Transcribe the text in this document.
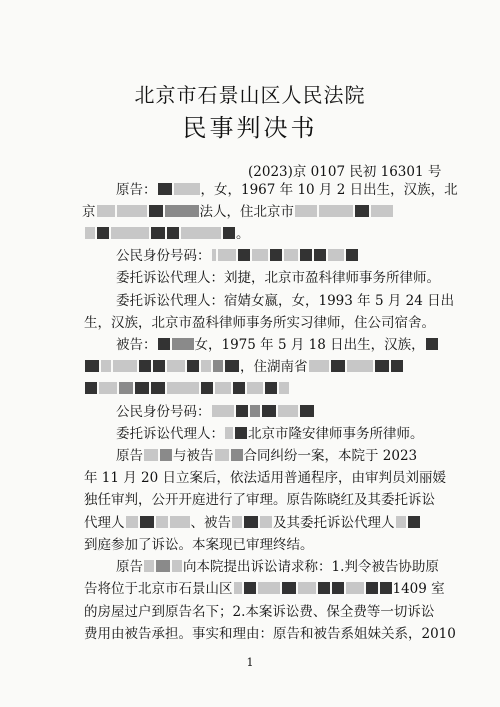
北京市石景山区人民法院
民事判决书
(2023)京 0107 民初 16301 号
原告：	，女，1967 年 10 月 2 日出生，汉族，北
京	法人，住北京市
。
公民身份号码：
委托诉讼代理人：刘捷，北京市盈科律师事务所律师。
委托诉讼代理人：宿婧女嬴，女，1993 年 5 月 24 日出
生，汉族，北京市盈科律师事务所实习律师，住公司宿舍。
被告：	女，1975 年 5 月 18 日出生，汉族，
，住湖南省
公民身份号码：
委托诉讼代理人： 北京市隆安律师事务所律师。
原告 与被告 合同纠纷一案，本院于 2023
年 11 月 20 日立案后，依法适用普通程序，由审判员刘丽媛
独任审判，公开开庭进行了审理。原告陈晓红及其委托诉讼
代理人	、被告	及其委托诉讼代理人
到庭参加了诉讼。本案现已审理终结。
原告	向本院提出诉讼请求称：1.判令被告协助原
告将位于北京市石景山区	1409 室
的房屋过户到原告名下；2.本案诉讼费、保全费等一切诉讼
费用由被告承担。事实和理由：原告和被告系姐妹关系，2010
1
